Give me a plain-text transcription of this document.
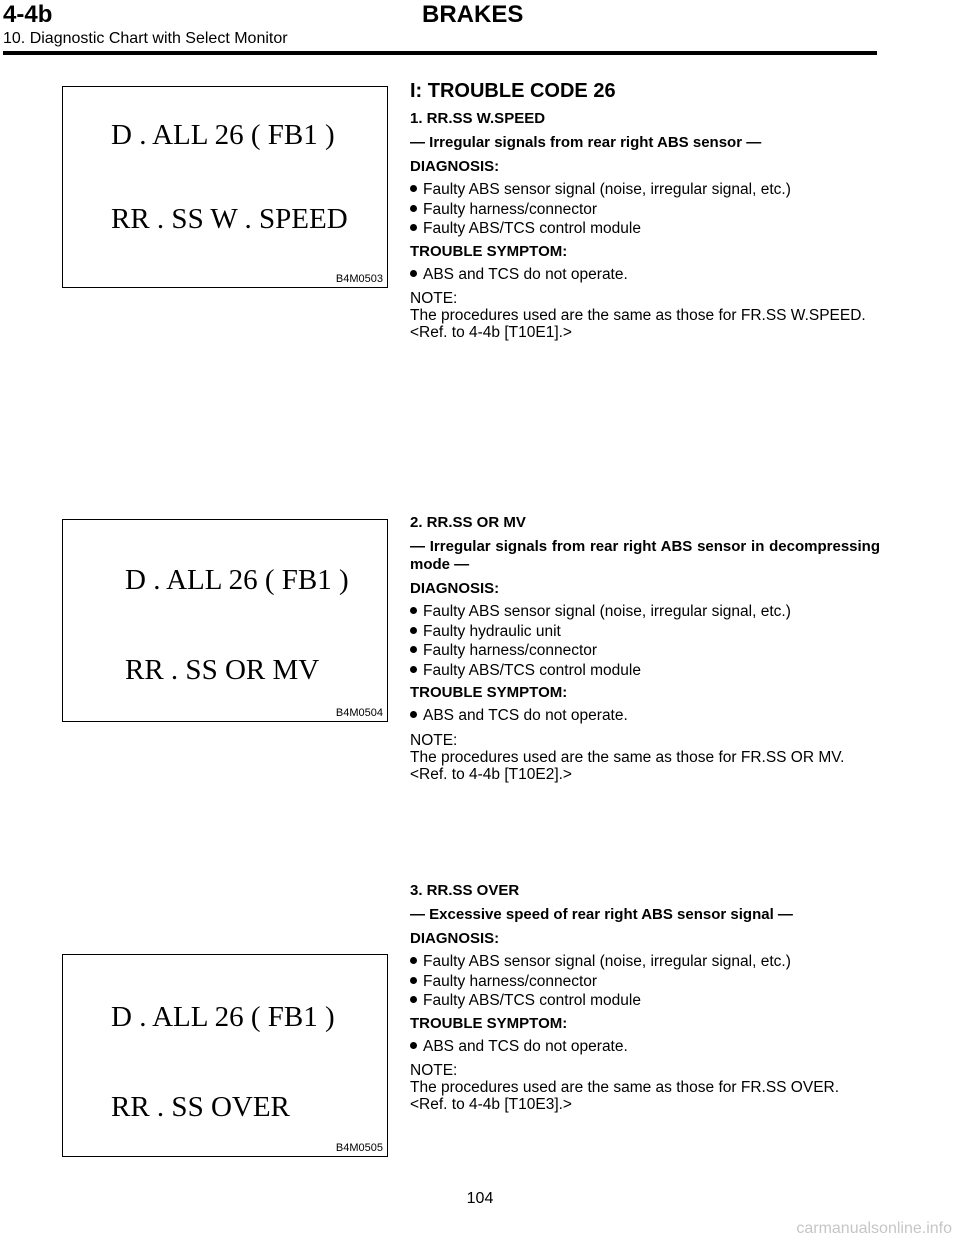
4-4b	BRAKES
10. Diagnostic Chart with Select Monitor
D . ALL 26 ( FB1 )
RR . SS W . SPEED
B4M0503
D . ALL 26 ( FB1 )
RR . SS OR MV
B4M0504
D . ALL 26 ( FB1 )
RR . SS OVER
B4M0505
I: TROUBLE CODE 26
1. RR.SS W.SPEED
— Irregular signals from rear right ABS sensor —
DIAGNOSIS:
Faulty ABS sensor signal (noise, irregular signal, etc.)
Faulty harness/connector
Faulty ABS/TCS control module
TROUBLE SYMPTOM:
ABS and TCS do not operate.
NOTE:
The procedures used are the same as those for FR.SS W.SPEED.
<Ref. to 4-4b [T10E1].>
2. RR.SS OR MV
— Irregular signals from rear right ABS sensor in decompressing mode —
DIAGNOSIS:
Faulty ABS sensor signal (noise, irregular signal, etc.)
Faulty hydraulic unit
Faulty harness/connector
Faulty ABS/TCS control module
TROUBLE SYMPTOM:
ABS and TCS do not operate.
NOTE:
The procedures used are the same as those for FR.SS OR MV.
<Ref. to 4-4b [T10E2].>
3. RR.SS OVER
— Excessive speed of rear right ABS sensor signal —
DIAGNOSIS:
Faulty ABS sensor signal (noise, irregular signal, etc.)
Faulty harness/connector
Faulty ABS/TCS control module
TROUBLE SYMPTOM:
ABS and TCS do not operate.
NOTE:
The procedures used are the same as those for FR.SS OVER.
<Ref. to 4-4b [T10E3].>
104
carmanualsonline.info
